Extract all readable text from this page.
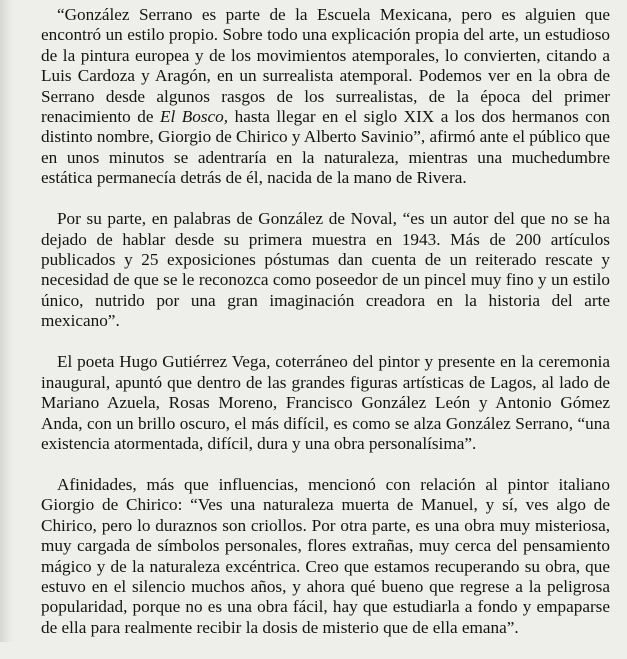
“González Serrano es parte de la Escuela Mexicana, pero es alguien que encontró un estilo propio. Sobre todo una explicación propia del arte, un estudioso de la pintura europea y de los movimientos atemporales, lo convierten, citando a Luis Cardoza y Aragón, en un surrealista atemporal. Podemos ver en la obra de Serrano desde algunos rasgos de los surrealistas, de la época del primer renacimiento de El Bosco, hasta llegar en el siglo XIX a los dos hermanos con distinto nombre, Giorgio de Chirico y Alberto Savinio”, afirmó ante el público que en unos minutos se adentraría en la naturaleza, mientras una muchedumbre estática permanecía detrás de él, nacida de la mano de Rivera.

Por su parte, en palabras de González de Noval, “es un autor del que no se ha dejado de hablar desde su primera muestra en 1943. Más de 200 artículos publicados y 25 exposiciones póstumas dan cuenta de un reiterado rescate y necesidad de que se le reconozca como poseedor de un pincel muy fino y un estilo único, nutrido por una gran imaginación creadora en la historia del arte mexicano”.

El poeta Hugo Gutiérrez Vega, coterráneo del pintor y presente en la ceremonia inaugural, apuntó que dentro de las grandes figuras artísticas de Lagos, al lado de Mariano Azuela, Rosas Moreno, Francisco González León y Antonio Gómez Anda, con un brillo oscuro, el más difícil, es como se alza González Serrano, “una existencia atormentada, difícil, dura y una obra personalísima”.

Afinidades, más que influencias, mencionó con relación al pintor italiano Giorgio de Chirico: “Ves una naturaleza muerta de Manuel, y sí, ves algo de Chirico, pero lo duraznos son criollos. Por otra parte, es una obra muy misteriosa, muy cargada de símbolos personales, flores extrañas, muy cerca del pensamiento mágico y de la naturaleza excéntrica. Creo que estamos recuperando su obra, que estuvo en el silencio muchos años, y ahora qué bueno que regrese a la peligrosa popularidad, porque no es una obra fácil, hay que estudiarla a fondo y empaparse de ella para realmente recibir la dosis de misterio que de ella emana”.
